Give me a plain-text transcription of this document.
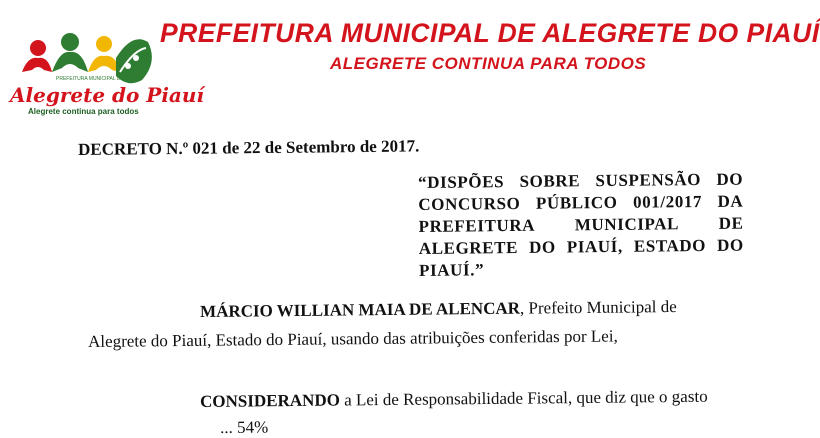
PREFEITURA MUNICIPAL DE
Alegrete do Piauí
Alegrete continua para todos
PREFEITURA MUNICIPAL DE ALEGRETE DO PIAUÍ
ALEGRETE CONTINUA PARA TODOS
DECRETO N.º 021 de 22 de Setembro de 2017.
“DISPÕES SOBRE SUSPENSÃO DO CONCURSO PÚBLICO 001/2017 DA PREFEITURA MUNICIPAL DE ALEGRETE DO PIAUÍ, ESTADO DO PIAUÍ.”
MÁRCIO WILLIAN MAIA DE ALENCAR, Prefeito Municipal de
Alegrete do Piauí, Estado do Piauí, usando das atribuições conferidas por Lei,
CONSIDERANDO a Lei de Responsabilidade Fiscal, que diz que o gasto
... 54%
